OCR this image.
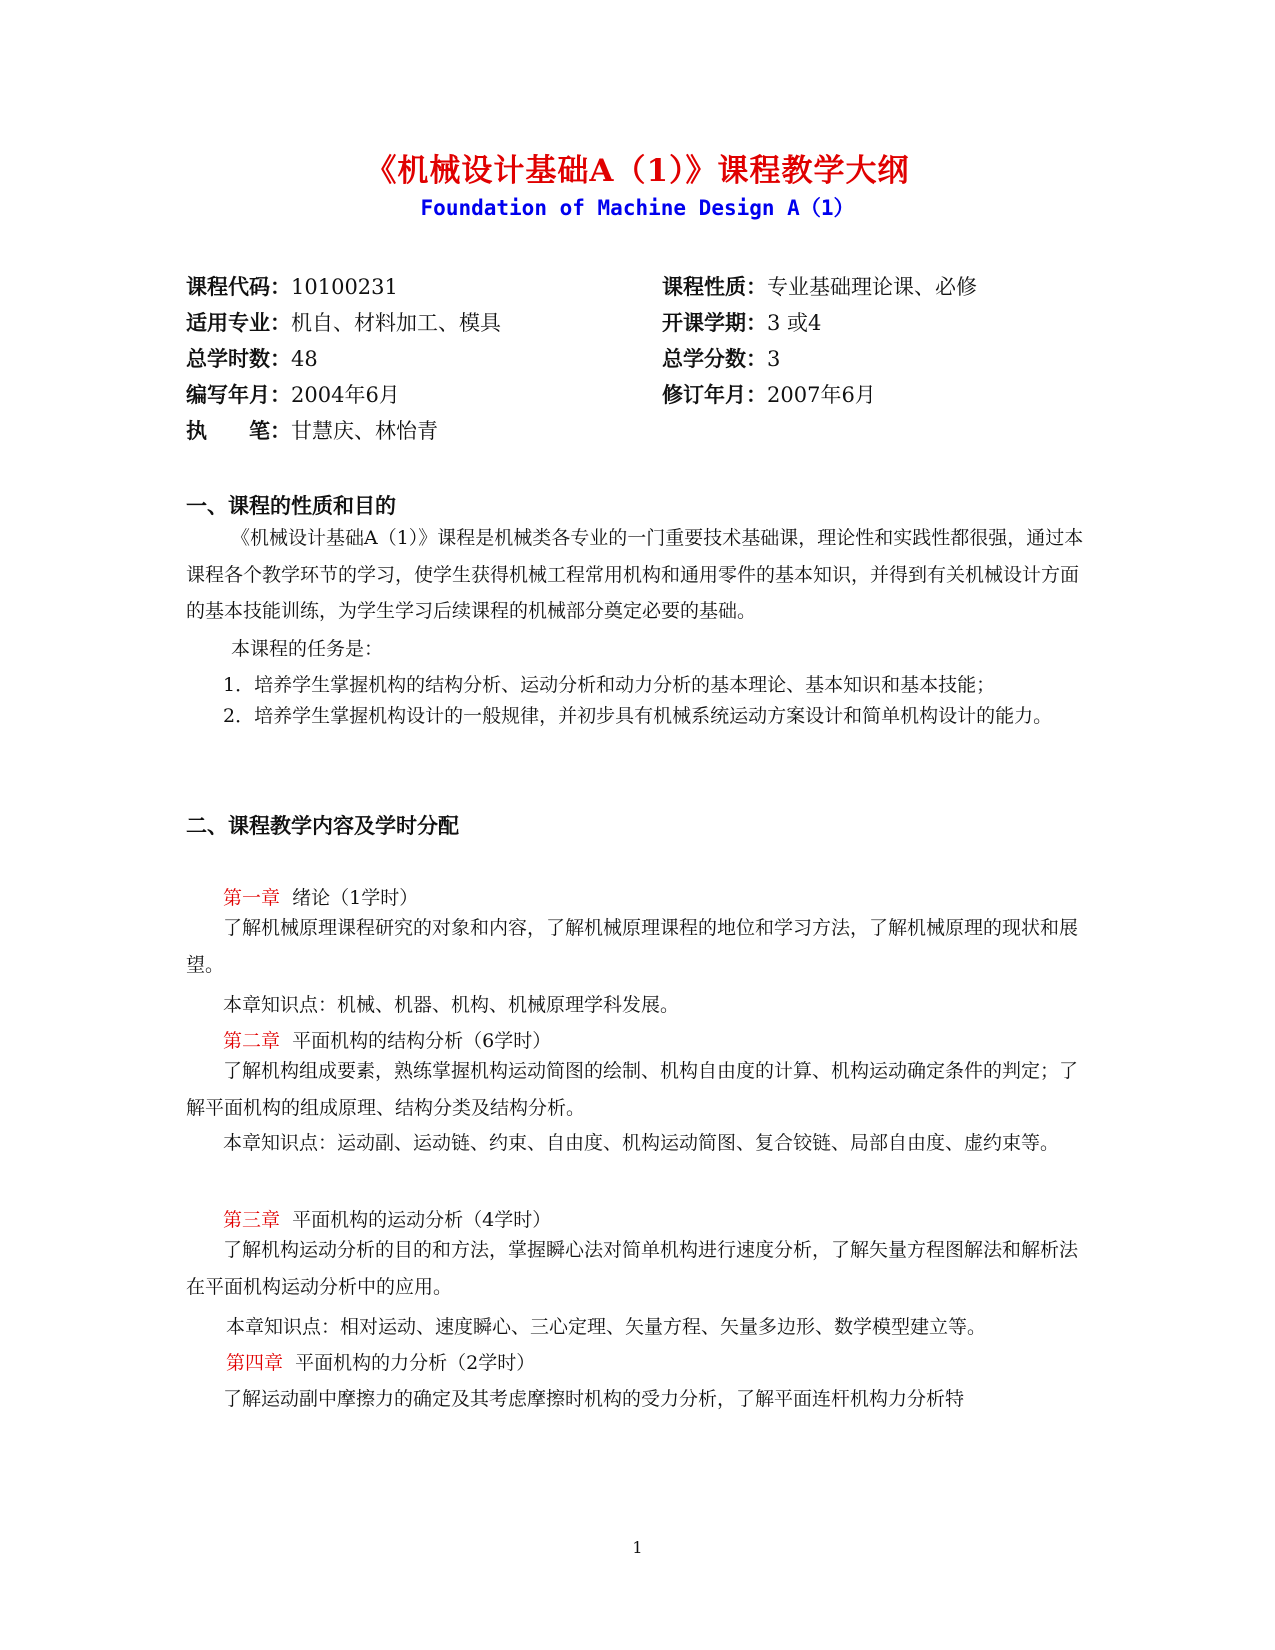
《机械设计基础A（1）》课程教学大纲
Foundation of Machine Design A（1）
课程代码：10100231	课程性质：专业基础理论课、必修
适用专业：机自、材料加工、模具	开课学期：3 或4
总学时数：48	总学分数：3
编写年月：2004年6月	修订年月：2007年6月
执　　笔：甘慧庆、林怡青
一、课程的性质和目的
《机械设计基础A（1）》课程是机械类各专业的一门重要技术基础课，理论性和实践性都很强，通过本课程各个教学环节的学习，使学生获得机械工程常用机构和通用零件的基本知识，并得到有关机械设计方面的基本技能训练，为学生学习后续课程的机械部分奠定必要的基础。
本课程的任务是：
1．培养学生掌握机构的结构分析、运动分析和动力分析的基本理论、基本知识和基本技能；
2．培养学生掌握机构设计的一般规律，并初步具有机械系统运动方案设计和简单机构设计的能力。
二、课程教学内容及学时分配
第一章 绪论（1学时）
了解机械原理课程研究的对象和内容，了解机械原理课程的地位和学习方法，了解机械原理的现状和展望。
本章知识点：机械、机器、机构、机械原理学科发展。
第二章 平面机构的结构分析（6学时）
了解机构组成要素，熟练掌握机构运动简图的绘制、机构自由度的计算、机构运动确定条件的判定；了解平面机构的组成原理、结构分类及结构分析。
本章知识点：运动副、运动链、约束、自由度、机构运动简图、复合铰链、局部自由度、虚约束等。
第三章 平面机构的运动分析（4学时）
了解机构运动分析的目的和方法，掌握瞬心法对简单机构进行速度分析，了解矢量方程图解法和解析法在平面机构运动分析中的应用。
本章知识点：相对运动、速度瞬心、三心定理、矢量方程、矢量多边形、数学模型建立等。
第四章 平面机构的力分析（2学时）
了解运动副中摩擦力的确定及其考虑摩擦时机构的受力分析，了解平面连杆机构力分析特
1
